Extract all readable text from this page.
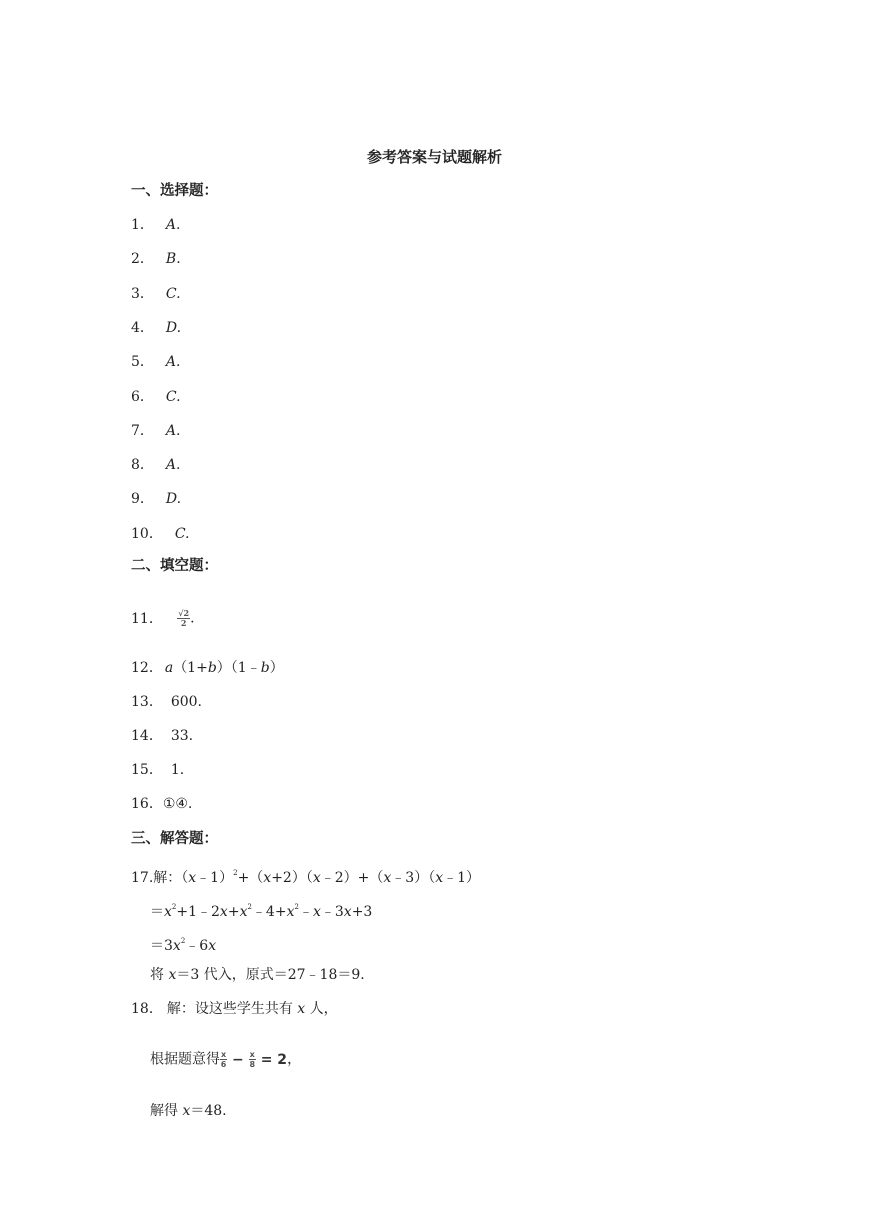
参考答案与试题解析
一、选择题：
1． A.
2． B.
3． C.
4． D.
5． A.
6． C.
7． A.
8． A.
9． D.
10． C.
二、填空题：
11． $\frac{√2}{2}$ .
12． a（1+b）（1﹣b）
13． 600.
14． 33.
15． 1.
16．①④.
三、解答题：
17.解：（x﹣1）$^2$+（x+2）（x﹣2）+（x﹣3）（x﹣1）
$=x^2+1﹣2x+x^2﹣4+x^2﹣x﹣3x+3$
$=3x^2﹣6x$
将 x＝3 代入，原式＝27﹣18＝9.
18． 解：设这些学生共有 x 人，
根据题意得 $\frac{x}{6} - \frac{x}{8} = 2$，
解得 x＝48.
